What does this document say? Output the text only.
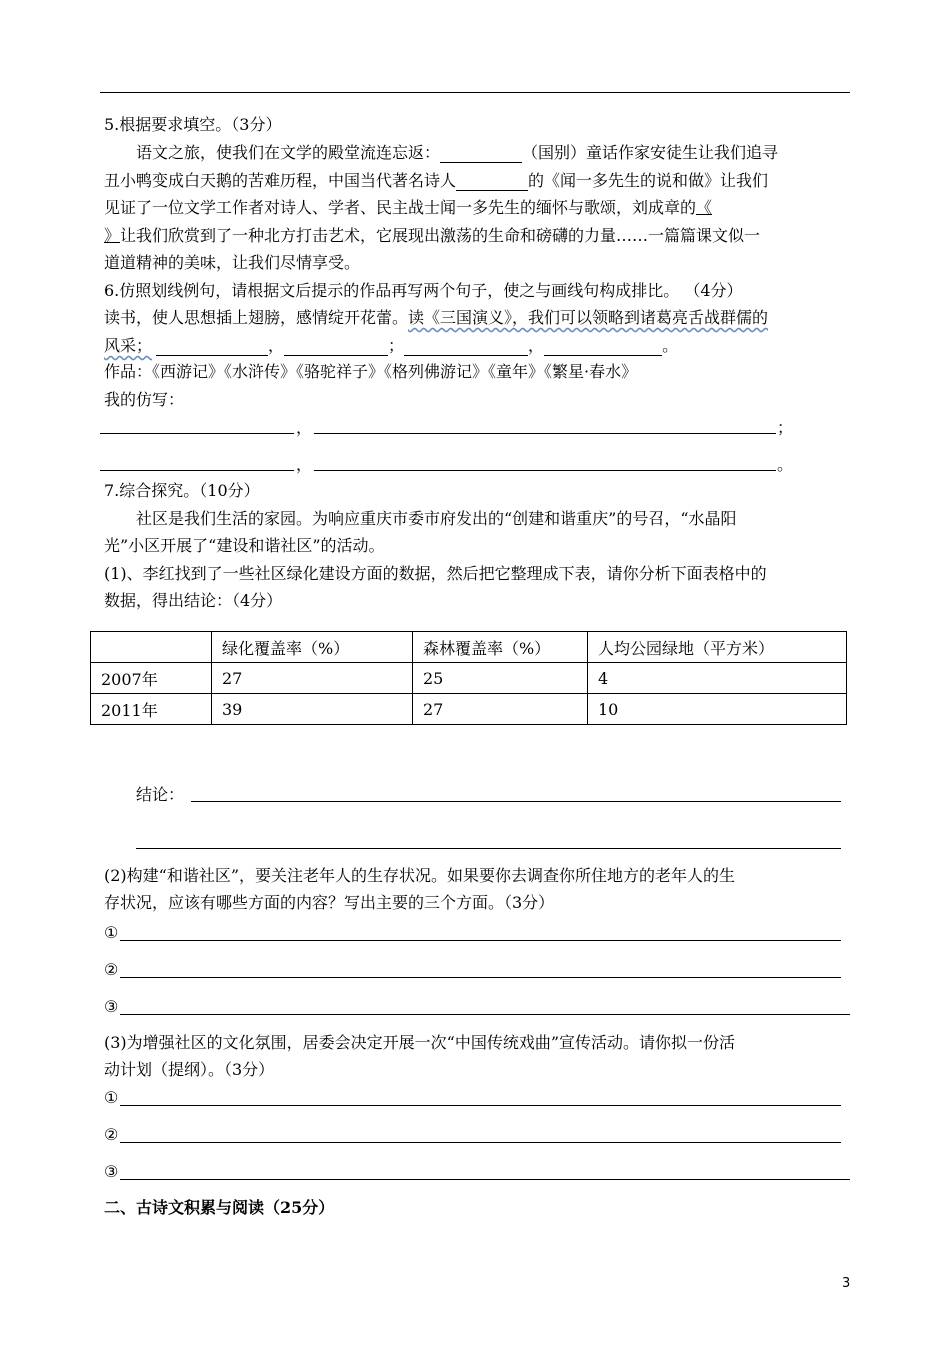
5.根据要求填空。（3分）
语文之旅，使我们在文学的殿堂流连忘返：	（国别）童话作家安徒生让我们追寻
丑小鸭变成白天鹅的苦难历程，中国当代著名诗人	的《闻一多先生的说和做》让我们
见证了一位文学工作者对诗人、学者、民主战士闻一多先生的缅怀与歌颂，刘成章的《
》让我们欣赏到了一种北方打击艺术，它展现出激荡的生命和磅礴的力量……一篇篇课文似一
道道精神的美味，让我们尽情享受。
6.仿照划线例句，请根据文后提示的作品再写两个句子，使之与画线句构成排比。 （4分）
读书，使人思想插上翅膀，感情绽开花蕾。读《三国演义》，我们可以领略到诸葛亮舌战群儒的
风采；	，	；	，	。
作品：《西游记》《水浒传》《骆驼祥子》《格列佛游记》《童年》《繁星·春水》
我的仿写：
，	；
，	。
7.综合探究。（10分）
社区是我们生活的家园。为响应重庆市委市府发出的“创建和谐重庆”的号召，“水晶阳
光”小区开展了“建设和谐社区”的活动。
(1)、李红找到了一些社区绿化建设方面的数据，然后把它整理成下表，请你分析下面表格中的
数据，得出结论：（4分）
	绿化覆盖率（%）	森林覆盖率（%）	人均公园绿地（平方米）
2007年	27	25	4
2011年	39	27	10
结论：
(2)构建“和谐社区”，要关注老年人的生存状况。如果要你去调查你所住地方的老年人的生
存状况，应该有哪些方面的内容？写出主要的三个方面。（3分）
①
②
③
(3)为增强社区的文化氛围，居委会决定开展一次“中国传统戏曲”宣传活动。请你拟一份活
动计划（提纲）。（3分）
①
②
③
二、古诗文积累与阅读（25分）
3
